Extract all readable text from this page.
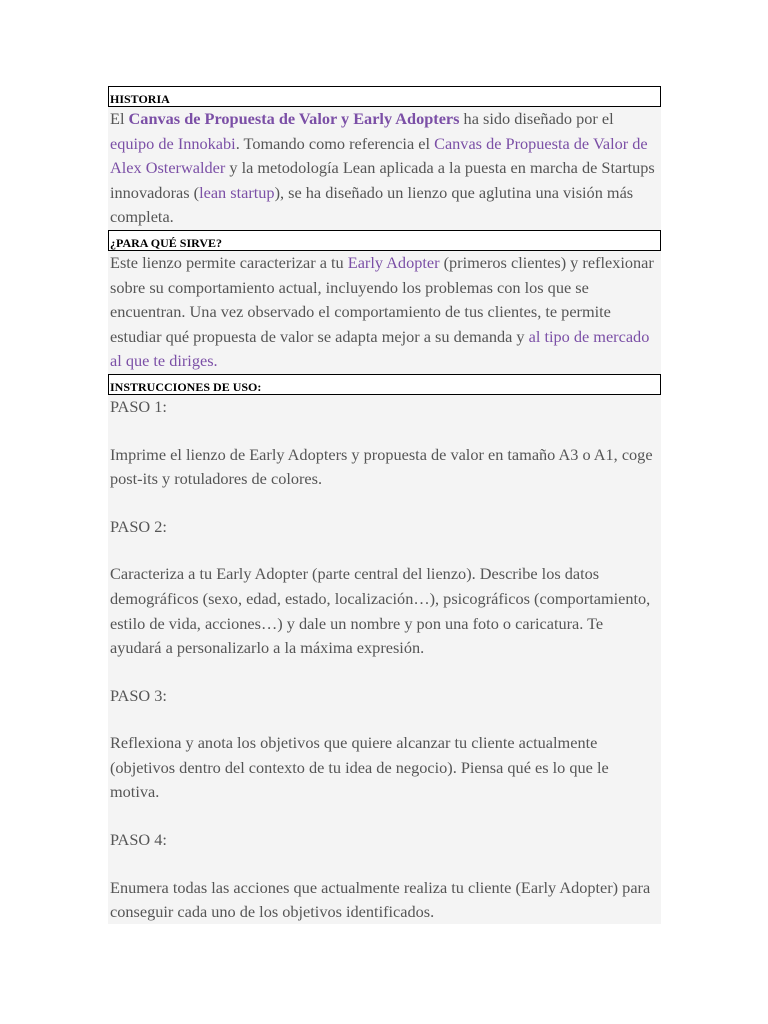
HISTORIA

El Canvas de Propuesta de Valor y Early Adopters ha sido diseñado por el equipo de Innokabi. Tomando como referencia el Canvas de Propuesta de Valor de Alex Osterwalder y la metodología Lean aplicada a la puesta en marcha de Startups innovadoras (lean startup), se ha diseñado un lienzo que aglutina una visión más completa.

¿PARA QUÉ SIRVE?

Este lienzo permite caracterizar a tu Early Adopter (primeros clientes) y reflexionar sobre su comportamiento actual, incluyendo los problemas con los que se encuentran. Una vez observado el comportamiento de tus clientes, te permite estudiar qué propuesta de valor se adapta mejor a su demanda y al tipo de mercado al que te diriges.

INSTRUCCIONES DE USO:

PASO 1:

Imprime el lienzo de Early Adopters y propuesta de valor en tamaño A3 o A1, coge post-its y rotuladores de colores.

PASO 2:

Caracteriza a tu Early Adopter (parte central del lienzo). Describe los datos demográficos (sexo, edad, estado, localización…), psicográficos (comportamiento, estilo de vida, acciones…) y dale un nombre y pon una foto o caricatura. Te ayudará a personalizarlo a la máxima expresión.

PASO 3:

Reflexiona y anota los objetivos que quiere alcanzar tu cliente actualmente (objetivos dentro del contexto de tu idea de negocio). Piensa qué es lo que le motiva.

PASO 4:

Enumera todas las acciones que actualmente realiza tu cliente (Early Adopter) para conseguir cada uno de los objetivos identificados.
